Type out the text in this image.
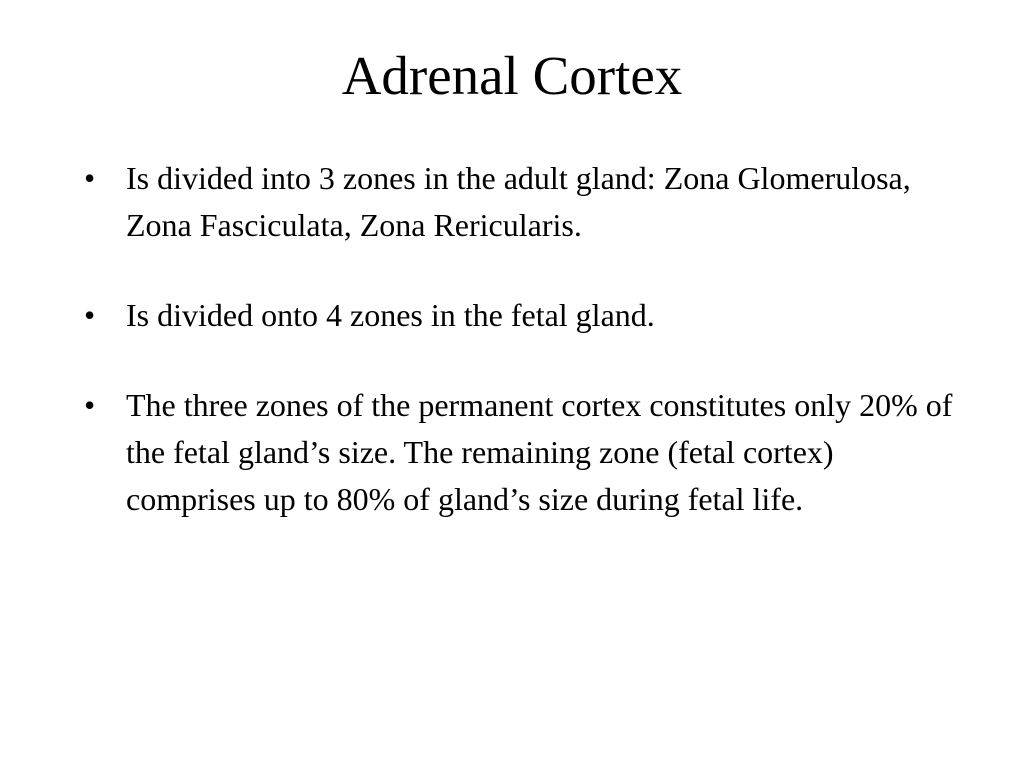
Adrenal Cortex
• Is divided into 3 zones in the adult gland: Zona Glomerulosa, Zona Fasciculata, Zona Rericularis.
• Is divided onto 4 zones in the fetal gland.
• The three zones of the permanent cortex constitutes only 20% of the fetal gland’s size. The remaining zone (fetal cortex) comprises up to 80% of gland’s size during fetal life.
